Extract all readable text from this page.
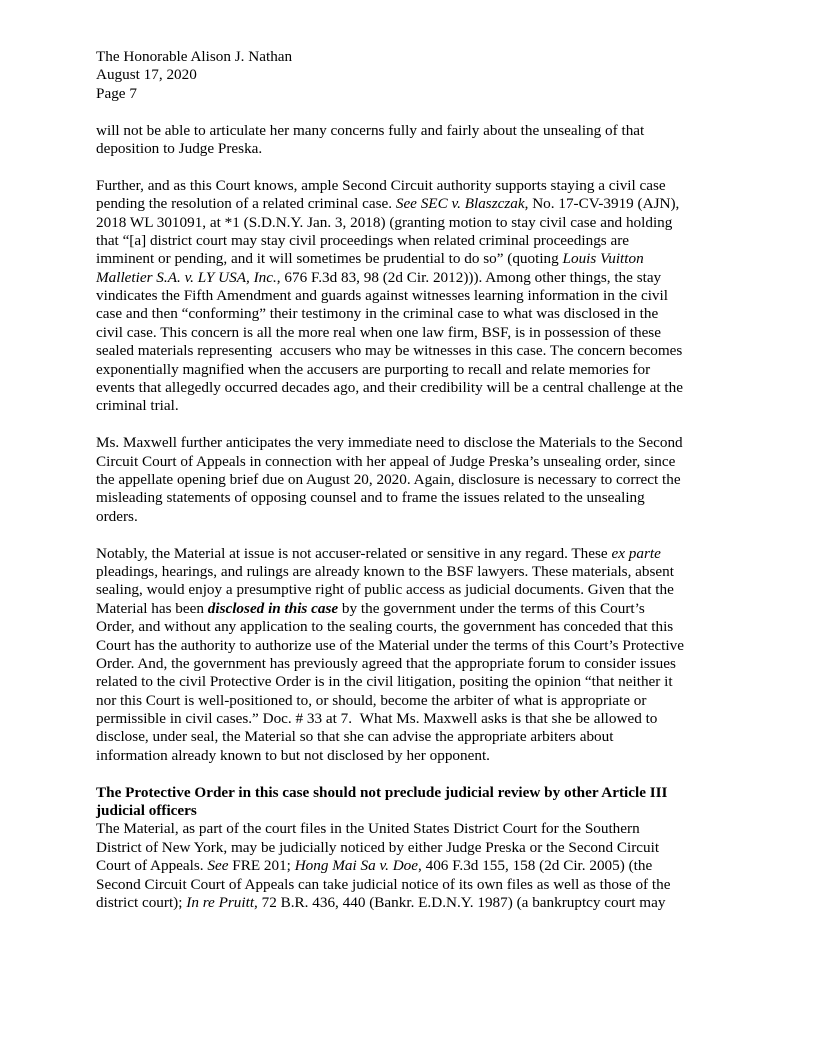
The Honorable Alison J. Nathan
August 17, 2020
Page 7
will not be able to articulate her many concerns fully and fairly about the unsealing of that
deposition to Judge Preska.
Further, and as this Court knows, ample Second Circuit authority supports staying a civil case
pending the resolution of a related criminal case. See SEC v. Blaszczak, No. 17-CV-3919 (AJN),
2018 WL 301091, at *1 (S.D.N.Y. Jan. 3, 2018) (granting motion to stay civil case and holding
that “[a] district court may stay civil proceedings when related criminal proceedings are
imminent or pending, and it will sometimes be prudential to do so” (quoting Louis Vuitton
Malletier S.A. v. LY USA, Inc., 676 F.3d 83, 98 (2d Cir. 2012))). Among other things, the stay
vindicates the Fifth Amendment and guards against witnesses learning information in the civil
case and then “conforming” their testimony in the criminal case to what was disclosed in the
civil case. This concern is all the more real when one law firm, BSF, is in possession of these
sealed materials representing  accusers who may be witnesses in this case. The concern becomes
exponentially magnified when the accusers are purporting to recall and relate memories for
events that allegedly occurred decades ago, and their credibility will be a central challenge at the
criminal trial.
Ms. Maxwell further anticipates the very immediate need to disclose the Materials to the Second
Circuit Court of Appeals in connection with her appeal of Judge Preska’s unsealing order, since
the appellate opening brief due on August 20, 2020. Again, disclosure is necessary to correct the
misleading statements of opposing counsel and to frame the issues related to the unsealing
orders.
Notably, the Material at issue is not accuser-related or sensitive in any regard. These ex parte
pleadings, hearings, and rulings are already known to the BSF lawyers. These materials, absent
sealing, would enjoy a presumptive right of public access as judicial documents. Given that the
Material has been disclosed in this case by the government under the terms of this Court’s
Order, and without any application to the sealing courts, the government has conceded that this
Court has the authority to authorize use of the Material under the terms of this Court’s Protective
Order. And, the government has previously agreed that the appropriate forum to consider issues
related to the civil Protective Order is in the civil litigation, positing the opinion “that neither it
nor this Court is well-positioned to, or should, become the arbiter of what is appropriate or
permissible in civil cases.” Doc. # 33 at 7.  What Ms. Maxwell asks is that she be allowed to
disclose, under seal, the Material so that she can advise the appropriate arbiters about
information already known to but not disclosed by her opponent.
The Protective Order in this case should not preclude judicial review by other Article III
judicial officers
The Material, as part of the court files in the United States District Court for the Southern
District of New York, may be judicially noticed by either Judge Preska or the Second Circuit
Court of Appeals. See FRE 201; Hong Mai Sa v. Doe, 406 F.3d 155, 158 (2d Cir. 2005) (the
Second Circuit Court of Appeals can take judicial notice of its own files as well as those of the
district court); In re Pruitt, 72 B.R. 436, 440 (Bankr. E.D.N.Y. 1987) (a bankruptcy court may
